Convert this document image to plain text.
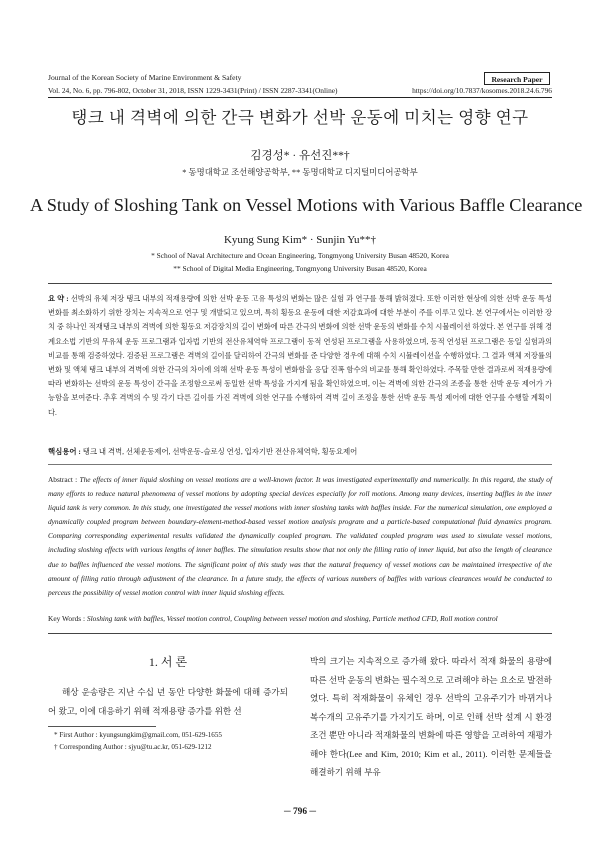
Journal of the Korean Society of Marine Environment & Safety	Research Paper
Vol. 24, No. 6, pp. 796-802, October 31, 2018, ISSN 1229-3431(Print) / ISSN 2287-3341(Online)	https://doi.org/10.7837/kosomes.2018.24.6.796
탱크 내 격벽에 의한 간극 변화가 선박 운동에 미치는 영향 연구
김경성* · 유선진**†
* 동명대학교 조선해양공학부, ** 동명대학교 디지털미디어공학부
A Study of Sloshing Tank on Vessel Motions with Various Baffle Clearance
Kyung Sung Kim* · Sunjin Yu**†
* School of Naval Architecture and Ocean Engineering, Tongmyong University Busan 48520, Korea
** School of Digital Media Engineering, Tongmyong University Busan 48520, Korea
요 약 : 선박의 유체 저장 탱크 내부의 적재용량에 의한 선박 운동 고유 특성의 변화는 많은 실험 과 연구를 통해 밝혀졌다. 또한 이러한 현상에 의한 선박 운동 특성 변화를 최소화하기 위한 장치는 지속적으로 연구 및 개발되고 있으며, 특히 횡동요 운동에 대한 저감효과에 대한 부분이 주를 이루고 있다. 본 연구에서는 이러한 장치 중 하나인 적재탱크 내부의 격벽에 의한 횡동요 저감장치의 길이 변화에 따른 간극의 변화에 의한 선박 운동의 변화를 수치 시뮬레이션 하였다. 본 연구를 위해 경계요소법 기반의 무유체 운동 프로그램과 입자법 기반의 전산유체역학 프로그램이 동적 연성된 프로그램을 사용하였으며, 동적 연성된 프로그램은 동일 실험과의 비교를 통해 검증하였다. 검증된 프로그램은 격벽의 길이를 달리하여 간극의 변화를 준 다양한 경우에 대해 수치 시뮬레이션을 수행하였다. 그 결과 액체 저장률의 변화 및 액체 탱크 내부의 격벽에 의한 간극의 차이에 의해 선박 운동 특성이 변화함을 응답 진폭 함수의 비교를 통해 확인하였다. 주목할 만한 결과로써 적재용량에 따라 변화하는 선박의 운동 특성이 간극을 조정함으로써 동일한 선박 특성을 가지게 됨을 확인하였으며, 이는 격벽에 의한 간극의 조종을 통한 선박 운동 제어가 가능함을 보여준다. 추후 격벽의 수 및 각기 다른 길이를 가진 격벽에 의한 연구를 수행하여 격벽 길이 조정을 통한 선박 운동 특성 제어에 대한 연구를 수행할 계획이다.
핵심용어 : 탱크 내 격벽, 선체운동제어, 선박운동-슬로싱 연성, 입자기반 전산유체역학, 횡동요제어
Abstract : The effects of inner liquid sloshing on vessel motions are a well-known factor. It was investigated experimentally and numerically. In this regard, the study of many efforts to reduce natural phenomena of vessel motions by adopting special devices especially for roll motions. Among many devices, inserting baffles in the inner liquid tank is very common. In this study, one investigated the vessel motions with inner sloshing tanks with baffles inside. For the numerical simulation, one employed a dynamically coupled program between boundary-element-method-based vessel motion analysis program and a particle-based computational fluid dynamics program. Comparing corresponding experimental results validated the dynamically coupled program. The validated coupled program was used to simulate vessel motions, including sloshing effects with various lengths of inner baffles. The simulation results show that not only the filling ratio of inner liquid, but also the length of clearance due to baffles influenced the vessel motions. The significant point of this study was that the natural frequency of vessel motions can be maintained irrespective of the amount of filling ratio through adjustment of the clearance. In a future study, the effects of various numbers of baffles with various clearances would be conducted to perceus the possibility of vessel motion control with inner liquid sloshing effects.
Key Words : Sloshing tank with baffles, Vessel motion control, Coupling between vessel motion and sloshing, Particle method CFD, Roll motion control
1. 서 론
해상 운송량은 지난 수십 년 동안 다양한 화물에 대해 증가되어 왔고, 이에 대응하기 위해 적재용량 증가를 위한 선
박의 크기는 지속적으로 증가해 왔다. 따라서 적재 화물의 용량에 따른 선박 운동의 변화는 필수적으로 고려해야 하는 요소로 발전하였다. 특히 적재화물이 유체인 경우 선박의 고유주기가 바뀌거나 복수개의 고유주기를 가지기도 하며, 이로 인해 선박 설계 시 환경조건 뿐만 아니라 적재화물의 변화에 따른 영향을 고려하여 재평가해야 한다(Lee and Kim, 2010; Kim et al., 2011). 이러한 문제들을 해결하기 위해 부유
* First Author : kyungsungkim@gmail.com, 051-629-1655
† Corresponding Author : sjyu@tu.ac.kr, 051-629-1212
─ 796 ─
